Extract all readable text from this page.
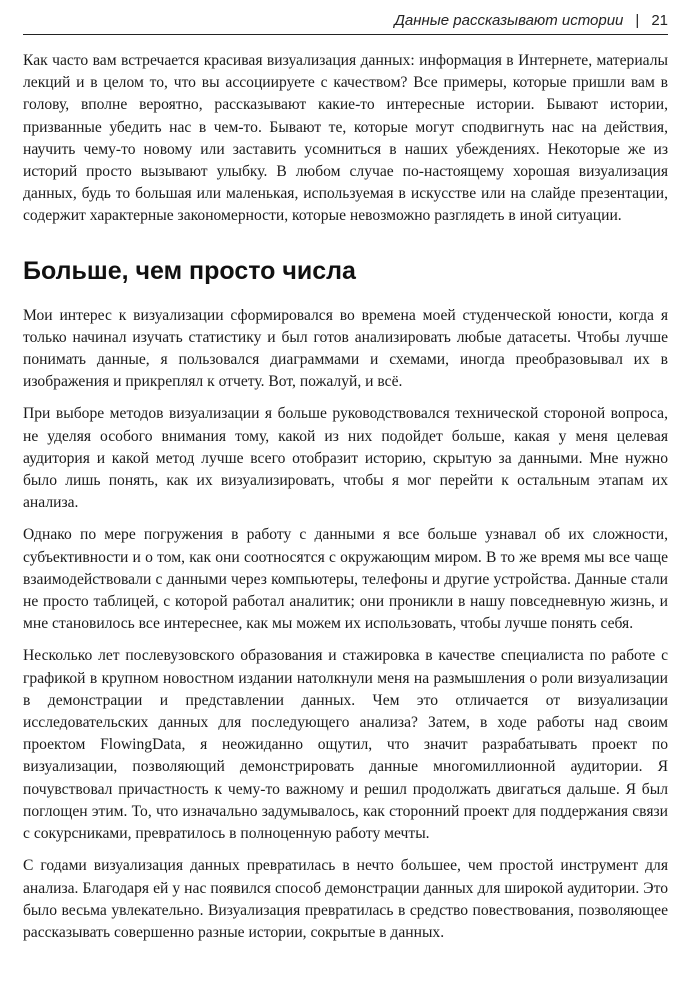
Данные рассказывают истории | 21

Как часто вам встречается красивая визуализация данных: информация в Интернете, материалы лекций и в целом то, что вы ассоциируете с качеством? Все примеры, которые пришли вам в голову, вполне вероятно, рассказывают какие-то интересные истории. Бывают истории, призванные убедить нас в чем-то. Бывают те, которые могут сподвигнуть нас на действия, научить чему-то новому или заставить усомниться в наших убеждениях. Некоторые же из историй просто вызывают улыбку. В любом случае по-настоящему хорошая визуализация данных, будь то большая или маленькая, используемая в искусстве или на слайде презентации, содержит характерные закономерности, которые невозможно разглядеть в иной ситуации.

Больше, чем просто числа

Мои интерес к визуализации сформировался во времена моей студенческой юности, когда я только начинал изучать статистику и был готов анализировать любые датасеты. Чтобы лучше понимать данные, я пользовался диаграммами и схемами, иногда преобразовывал их в изображения и прикреплял к отчету. Вот, пожалуй, и всё.

При выборе методов визуализации я больше руководствовался технической стороной вопроса, не уделяя особого внимания тому, какой из них подойдет больше, какая у меня целевая аудитория и какой метод лучше всего отобразит историю, скрытую за данными. Мне нужно было лишь понять, как их визуализировать, чтобы я мог перейти к остальным этапам их анализа.

Однако по мере погружения в работу с данными я все больше узнавал об их сложности, субъективности и о том, как они соотносятся с окружающим миром. В то же время мы все чаще взаимодействовали с данными через компьютеры, телефоны и другие устройства. Данные стали не просто таблицей, с которой работал аналитик; они проникли в нашу повседневную жизнь, и мне становилось все интереснее, как мы можем их использовать, чтобы лучше понять себя.

Несколько лет послевузовского образования и стажировка в качестве специалиста по работе с графикой в крупном новостном издании натолкнули меня на размышления о роли визуализации в демонстрации и представлении данных. Чем это отличается от визуализации исследовательских данных для последующего анализа? Затем, в ходе работы над своим проектом FlowingData, я неожиданно ощутил, что значит разрабатывать проект по визуализации, позволяющий демонстрировать данные многомиллионной аудитории. Я почувствовал причастность к чему-то важному и решил продолжать двигаться дальше. Я был поглощен этим. То, что изначально задумывалось, как сторонний проект для поддержания связи с сокурсниками, превратилось в полноценную работу мечты.

С годами визуализация данных превратилась в нечто большее, чем простой инструмент для анализа. Благодаря ей у нас появился способ демонстрации данных для широкой аудитории. Это было весьма увлекательно. Визуализация превратилась в средство повествования, позволяющее рассказывать совершенно разные истории, сокрытые в данных.
